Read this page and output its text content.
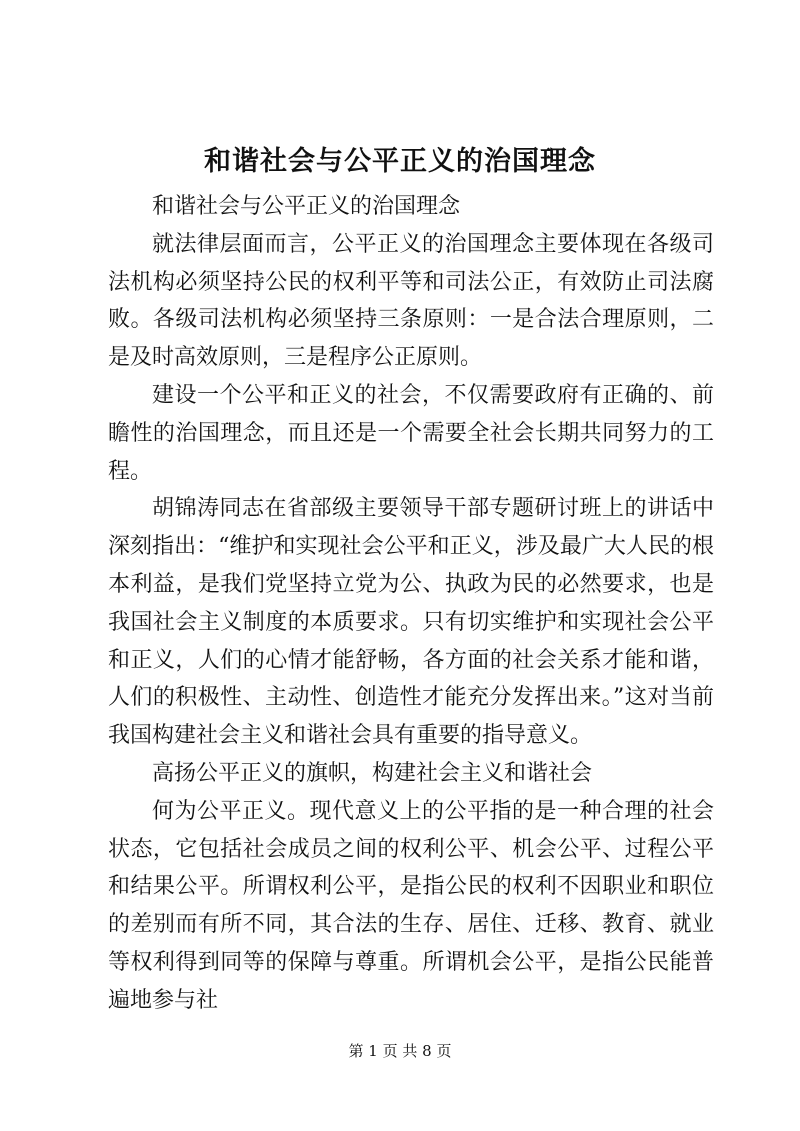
和谐社会与公平正义的治国理念

和谐社会与公平正义的治国理念

就法律层面而言，公平正义的治国理念主要体现在各级司法机构必须坚持公民的权利平等和司法公正，有效防止司法腐败。各级司法机构必须坚持三条原则：一是合法合理原则，二是及时高效原则，三是程序公正原则。

建设一个公平和正义的社会，不仅需要政府有正确的、前瞻性的治国理念，而且还是一个需要全社会长期共同努力的工程。

胡锦涛同志在省部级主要领导干部专题研讨班上的讲话中深刻指出：“维护和实现社会公平和正义，涉及最广大人民的根本利益，是我们党坚持立党为公、执政为民的必然要求，也是我国社会主义制度的本质要求。只有切实维护和实现社会公平和正义，人们的心情才能舒畅，各方面的社会关系才能和谐，人们的积极性、主动性、创造性才能充分发挥出来。”这对当前我国构建社会主义和谐社会具有重要的指导意义。

高扬公平正义的旗帜，构建社会主义和谐社会

何为公平正义。现代意义上的公平指的是一种合理的社会状态，它包括社会成员之间的权利公平、机会公平、过程公平和结果公平。所谓权利公平，是指公民的权利不因职业和职位的差别而有所不同，其合法的生存、居住、迁移、教育、就业等权利得到同等的保障与尊重。所谓机会公平，是指公民能普遍地参与社

第 1 页 共 8 页
